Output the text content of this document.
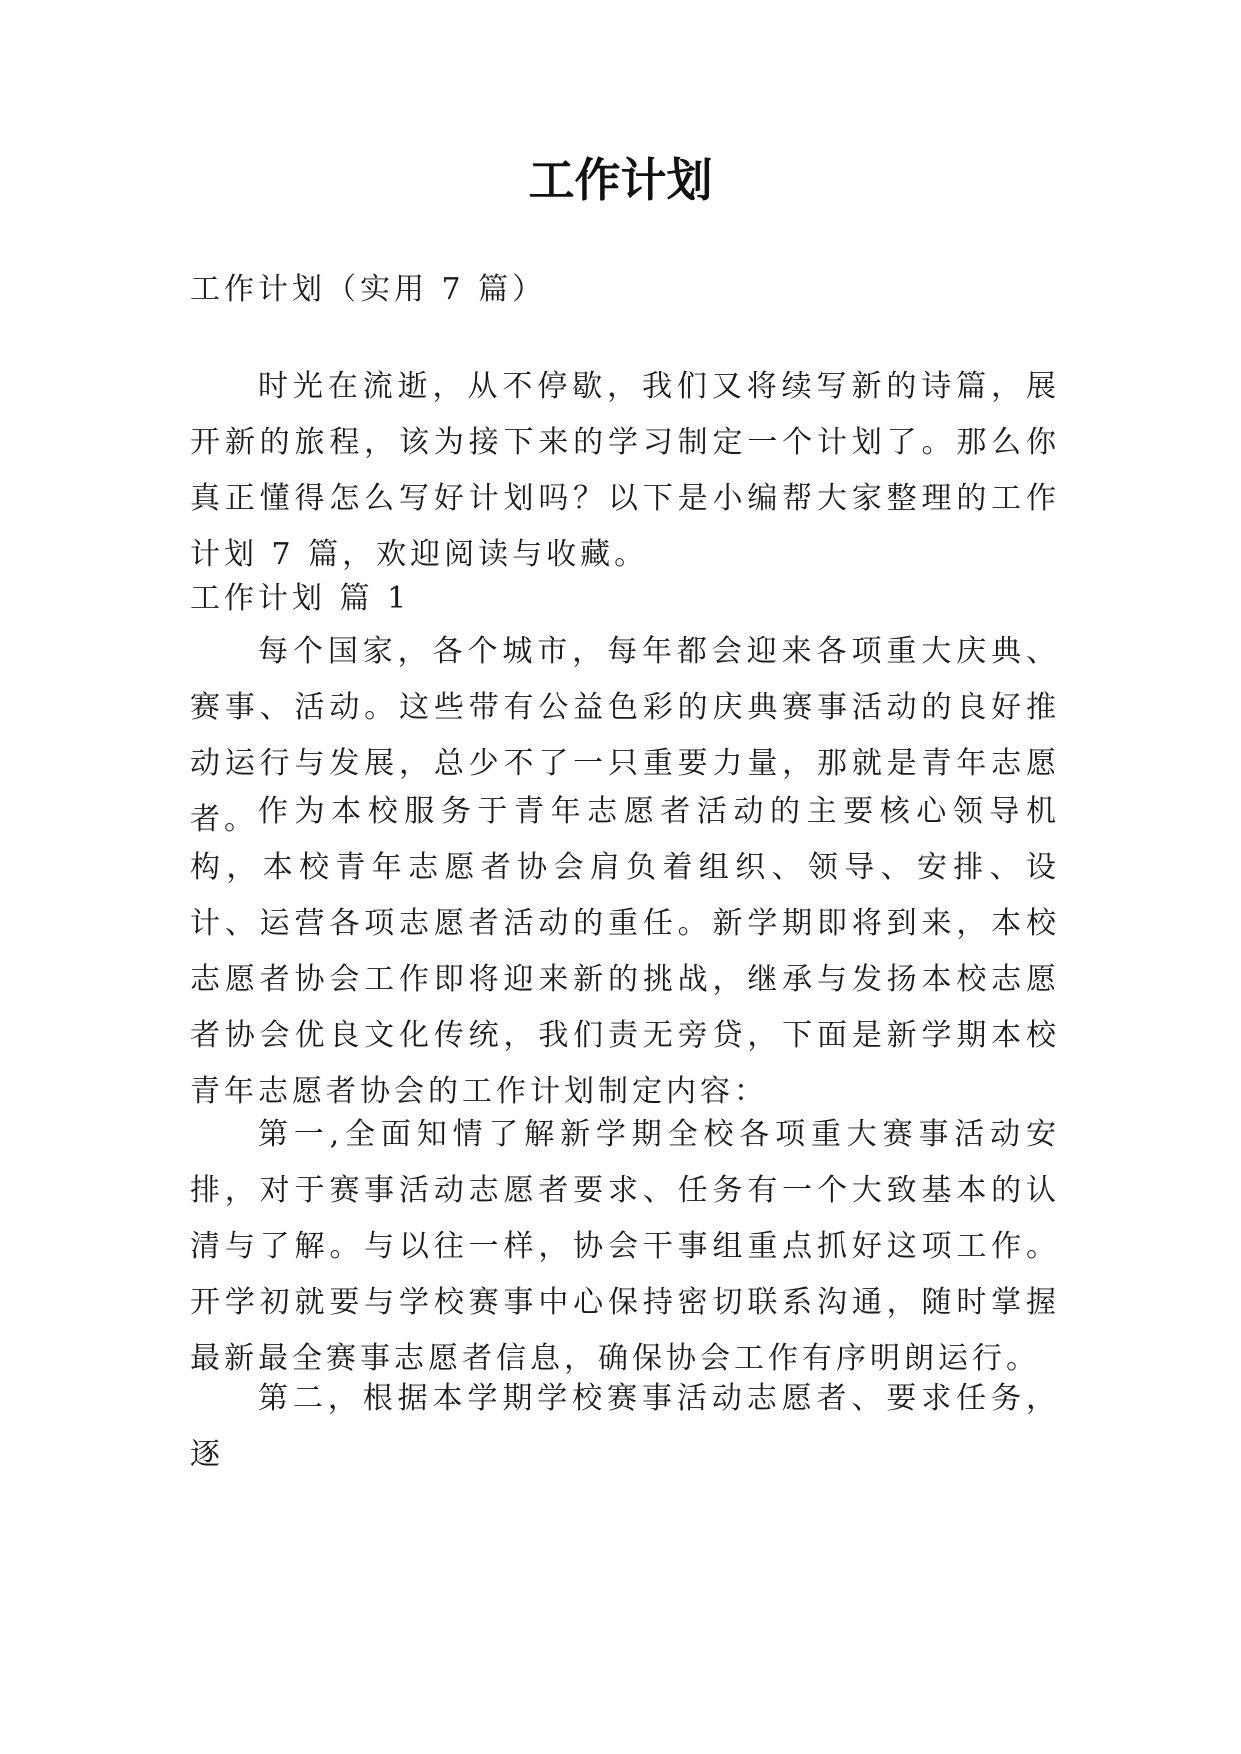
工作计划

工作计划（实用 7 篇）

时光在流逝，从不停歇，我们又将续写新的诗篇，展开新的旅程，该为接下来的学习制定一个计划了。那么你真正懂得怎么写好计划吗？以下是小编帮大家整理的工作计划 7 篇，欢迎阅读与收藏。

工作计划 篇 1

每个国家，各个城市，每年都会迎来各项重大庆典、赛事、活动。这些带有公益色彩的庆典赛事活动的良好推动运行与发展，总少不了一只重要力量，那就是青年志愿者。 作为本校服务于青年志愿者活动的主要核心领导机构，本校青年志愿者协会肩负着组织、领导、安排、设计、运营各项志愿者活动的重任。新学期即将到来，本校志愿者协会工作即将迎来新的挑战，继承与发扬本校志愿者协会优良文化传统，我们责无旁贷，下面是新学期本校青年志愿者协会的工作计划制定内容：

第一,全面知情了解新学期全校各项重大赛事活动安排，对于赛事活动志愿者要求、任务有一个大致基本的认清与了解。与以往一样，协会干事组重点抓好这项工作。开学初就要与学校赛事中心保持密切联系沟通，随时掌握最新最全赛事志愿者信息，确保协会工作有序明朗运行。

第二，根据本学期学校赛事活动志愿者、要求任务，逐
